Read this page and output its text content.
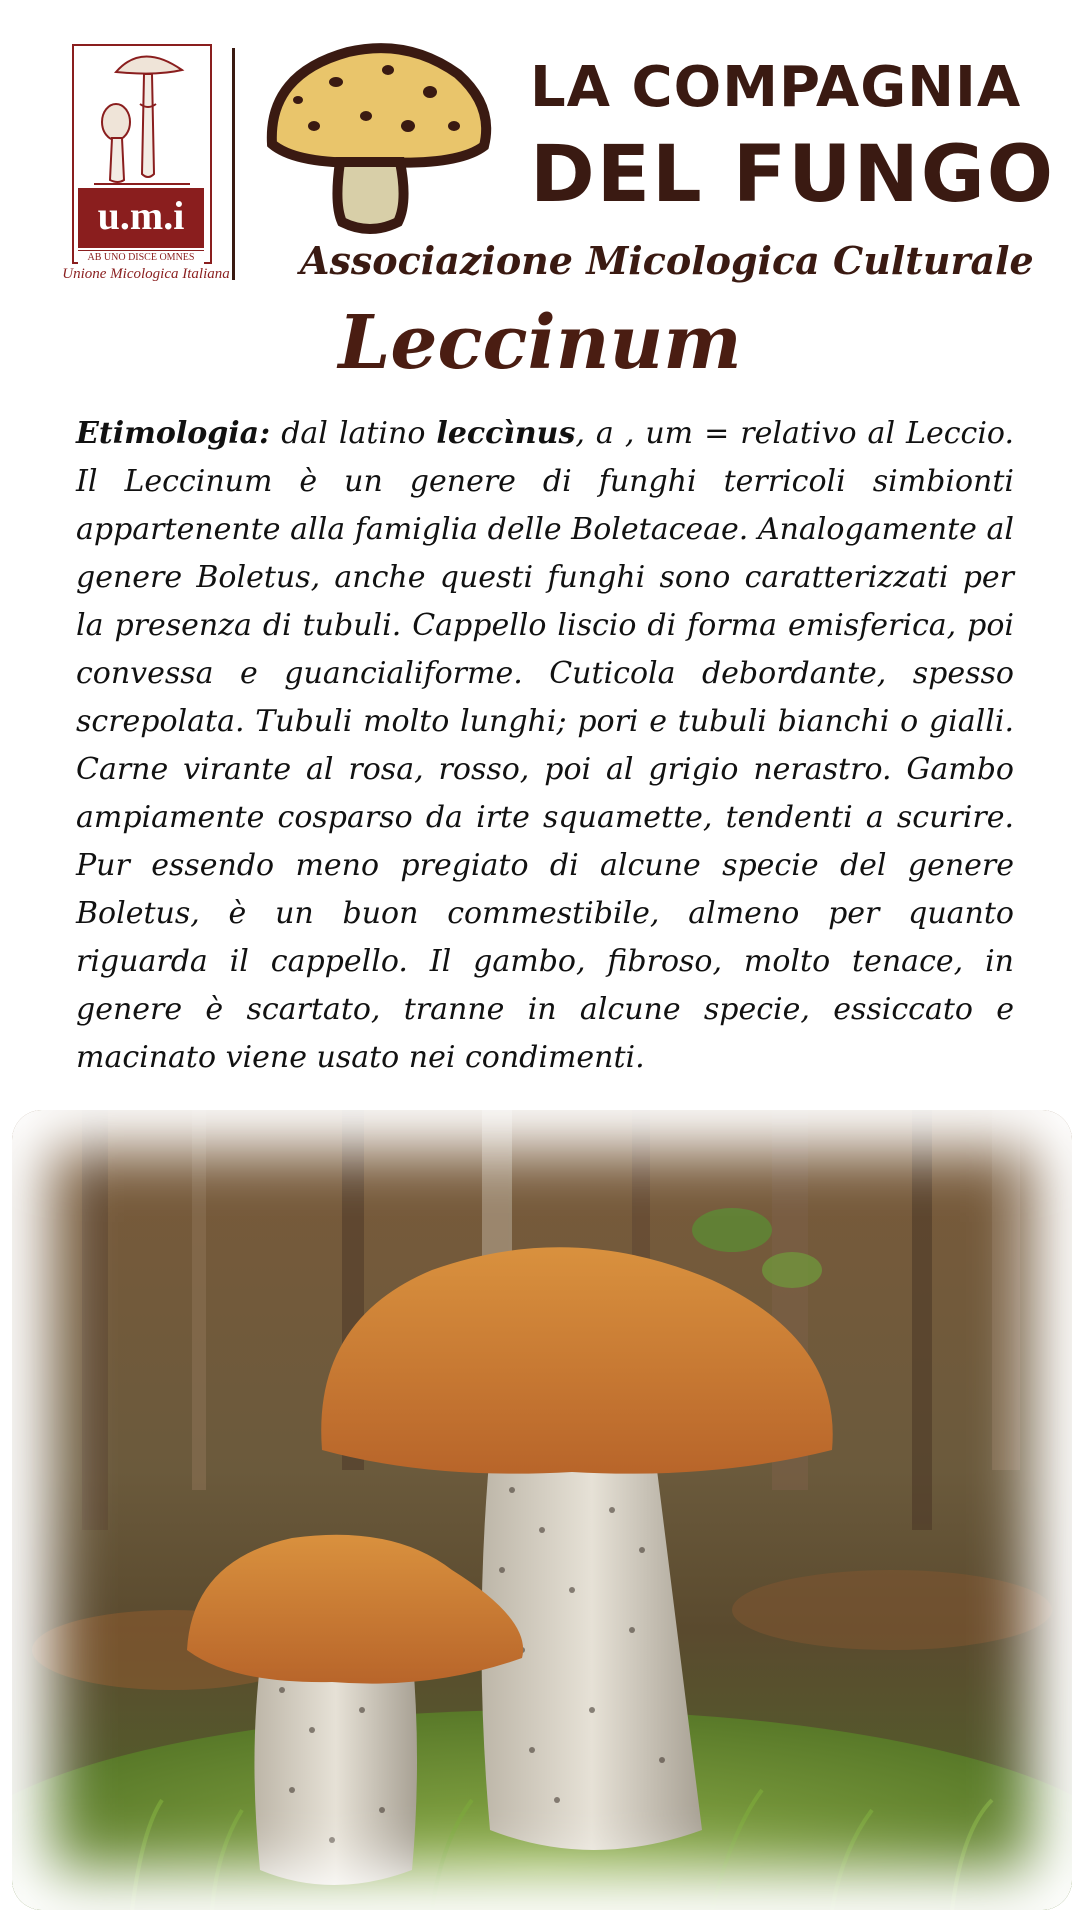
u.m.i
AB UNO DISCE OMNES
Unione Micologica Italiana
LA COMPAGNIA
DEL FUNGO
Associazione Micologica Culturale
Leccinum
Etimologia: dal latino leccìnus, a , um = relativo al Leccio. Il Leccinum è un genere di funghi terricoli simbionti appartenente alla famiglia delle Boletaceae. Analogamente al genere Boletus, anche questi funghi sono caratterizzati per la presenza di tubuli. Cappello liscio di forma emisferica, poi convessa e guancialiforme. Cuticola debordante, spesso screpolata. Tubuli molto lunghi; pori e tubuli bianchi o gialli. Carne virante al rosa, rosso, poi al grigio nerastro. Gambo ampiamente cosparso da irte squamette, tendenti a scurire. Pur essendo meno pregiato di alcune specie del genere Boletus, è un buon commestibile, almeno per quanto riguarda il cappello. Il gambo, fibroso, molto tenace, in genere è scartato, tranne in alcune specie, essiccato e macinato viene usato nei condimenti.
